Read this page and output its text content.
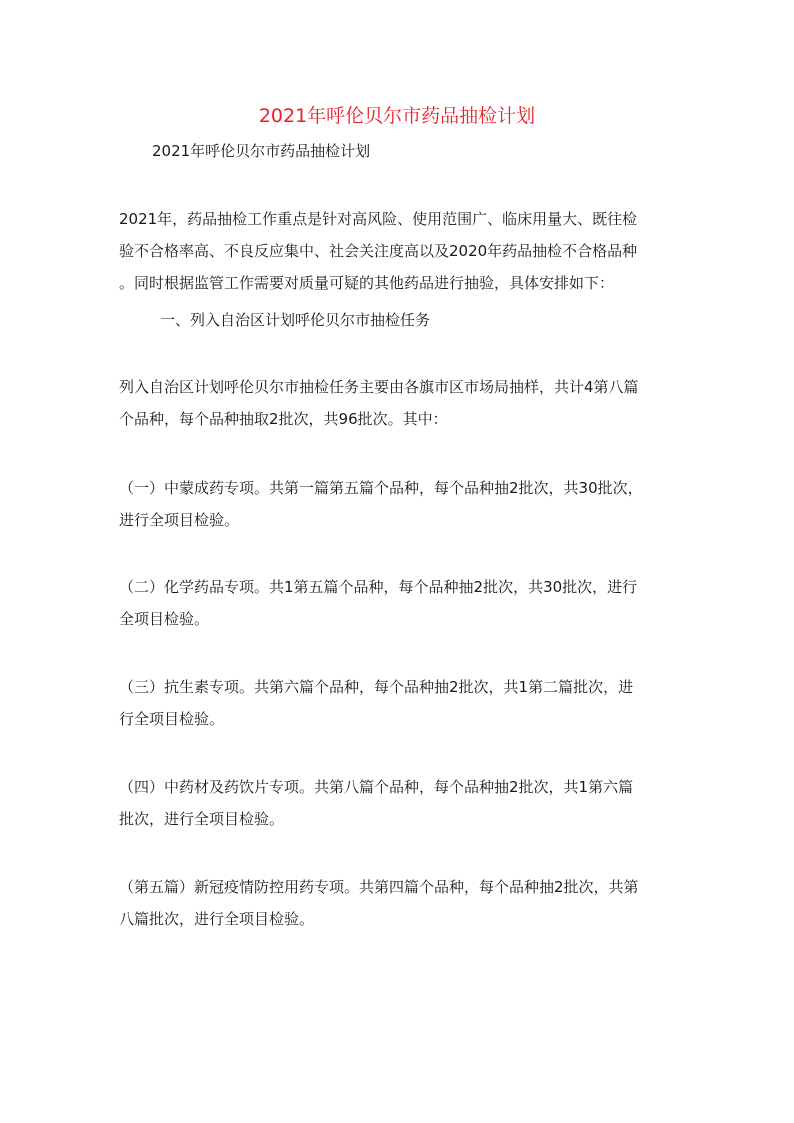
2021年呼伦贝尔市药品抽检计划

2021年呼伦贝尔市药品抽检计划

2021年，药品抽检工作重点是针对高风险、使用范围广、临床用量大、既往检

验不合格率高、不良反应集中、社会关注度高以及2020年药品抽检不合格品种

。同时根据监管工作需要对质量可疑的其他药品进行抽验，具体安排如下：

一、列入自治区计划呼伦贝尔市抽检任务

列入自治区计划呼伦贝尔市抽检任务主要由各旗市区市场局抽样，共计4第八篇

个品种，每个品种抽取2批次，共96批次。其中：

（一）中蒙成药专项。共第一篇第五篇个品种，每个品种抽2批次，共30批次，

进行全项目检验。

（二）化学药品专项。共1第五篇个品种，每个品种抽2批次，共30批次，进行

全项目检验。

（三）抗生素专项。共第六篇个品种，每个品种抽2批次，共1第二篇批次，进

行全项目检验。

（四）中药材及药饮片专项。共第八篇个品种，每个品种抽2批次，共1第六篇

批次，进行全项目检验。

（第五篇）新冠疫情防控用药专项。共第四篇个品种，每个品种抽2批次，共第

八篇批次，进行全项目检验。
